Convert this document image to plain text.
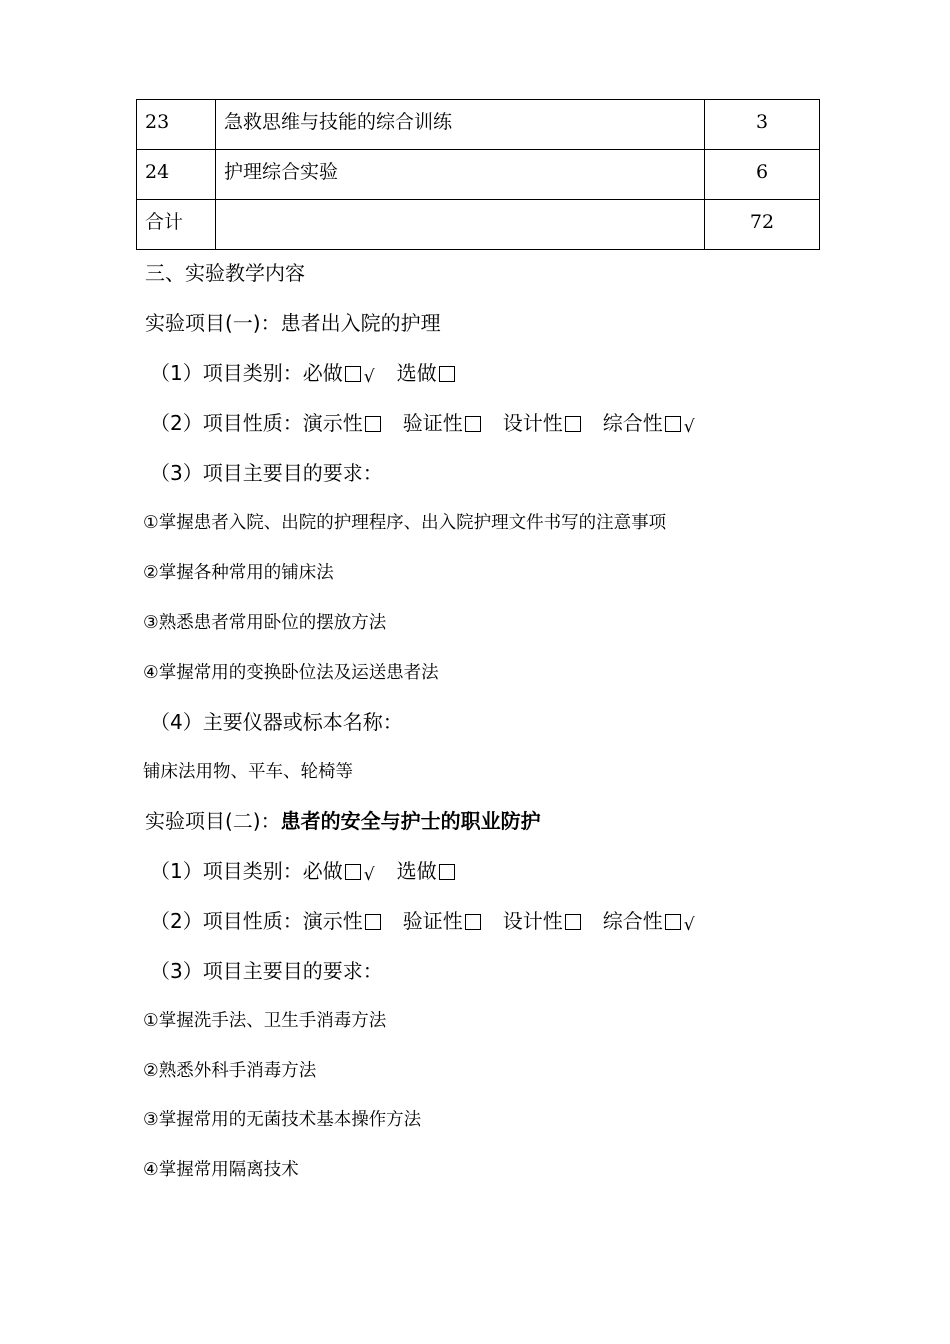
23	急救思维与技能的综合训练	3
24	护理综合实验	6
合计		72
三、实验教学内容
实验项目(一)：患者出入院的护理
（1）项目类别：必做 √ 选做
（2）项目性质：演示性 验证性 设计性 综合性 √
（3）项目主要目的要求：
①掌握患者入院、出院的护理程序、出入院护理文件书写的注意事项
②掌握各种常用的铺床法
③熟悉患者常用卧位的摆放方法
④掌握常用的变换卧位法及运送患者法
（4）主要仪器或标本名称：
铺床法用物、平车、轮椅等
实验项目(二)：患者的安全与护士的职业防护
（1）项目类别：必做 √ 选做
（2）项目性质：演示性 验证性 设计性 综合性 √
（3）项目主要目的要求：
①掌握洗手法、卫生手消毒方法
②熟悉外科手消毒方法
③掌握常用的无菌技术基本操作方法
④掌握常用隔离技术
